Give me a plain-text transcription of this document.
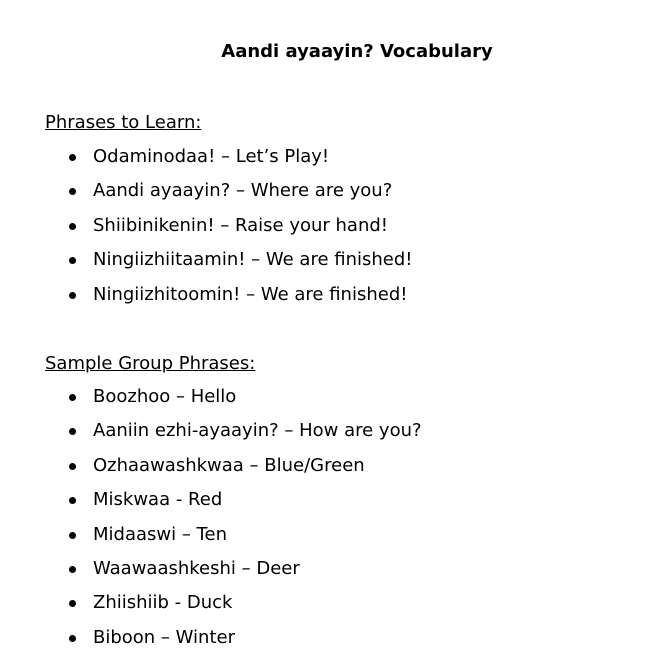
Aandi ayaayin? Vocabulary
Phrases to Learn:
Odaminodaa! – Let’s Play!
Aandi ayaayin? – Where are you?
Shiibinikenin! – Raise your hand!
Ningiizhiitaamin! – We are finished!
Ningiizhitoomin! – We are finished!
Sample Group Phrases:
Boozhoo – Hello
Aaniin ezhi-ayaayin? – How are you?
Ozhaawashkwaa – Blue/Green
Miskwaa - Red
Midaaswi – Ten
Waawaashkeshi – Deer
Zhiishiib - Duck
Biboon – Winter
